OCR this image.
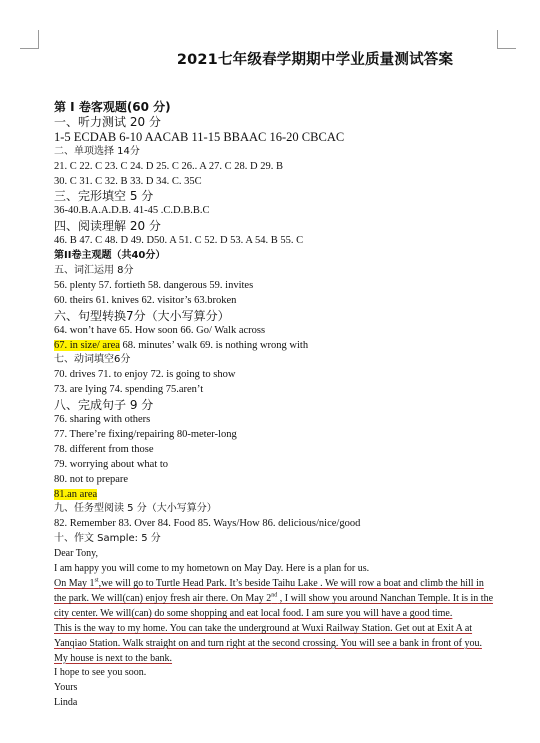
2021七年级春学期期中学业质量测试答案
第 I 卷客观题(60 分)
一、听力测试 20 分
1-5 ECDAB 6-10 AACAB 11-15 BBAAC 16-20 CBCAC
二、单项选择 14分
21. C 22. C 23. C 24. D 25. C 26.. A 27. C 28. D 29. B
30. C 31. C 32. B 33. D 34. C. 35C
三、完形填空 5 分
36-40.B.A.A.D.B. 41-45 .C.D.B.B.C
四、阅读理解 20 分
46. B 47. C 48. D 49. D50. A 51. C 52. D 53. A 54. B 55. C
第II卷主观题（共40分）
五、词汇运用 8分
56. plenty 57. fortieth 58. dangerous 59. invites
60. theirs 61. knives 62. visitor’s 63.broken
六、句型转换7分（大小写算分）
64. won’t have 65. How soon 66. Go/ Walk across
67. in size/ area 68. minutes’ walk 69. is nothing wrong with
七、动词填空6分
70. drives 71. to enjoy 72. is going to show
73. are lying 74. spending 75.aren’t
八、完成句子 9 分
76. sharing with others
77. There’re fixing/repairing 80-meter-long
78. different from those
79. worrying about what to
80. not to prepare
81.an area
九、任务型阅读 5 分（大小写算分）
82. Remember 83. Over 84. Food 85. Ways/How 86. delicious/nice/good
十、作文 Sample: 5 分
Dear Tony,
I am happy you will come to my hometown on May Day. Here is a plan for us.
On May 1st,we will go to Turtle Head Park. It’s beside Taihu Lake . We will row a boat and climb the hill in the park. We will(can) enjoy fresh air there. On May 2nd , I will show you around Nanchan Temple. It is in the city center. We will(can) do some shopping and eat local food. I am sure you will have a good time.
This is the way to my home. You can take the underground at Wuxi Railway Station. Get out at Exit A at Yanqiao Station. Walk straight on and turn right at the second crossing. You will see a bank in front of you. My house is next to the bank.
I hope to see you soon.
Yours
Linda
